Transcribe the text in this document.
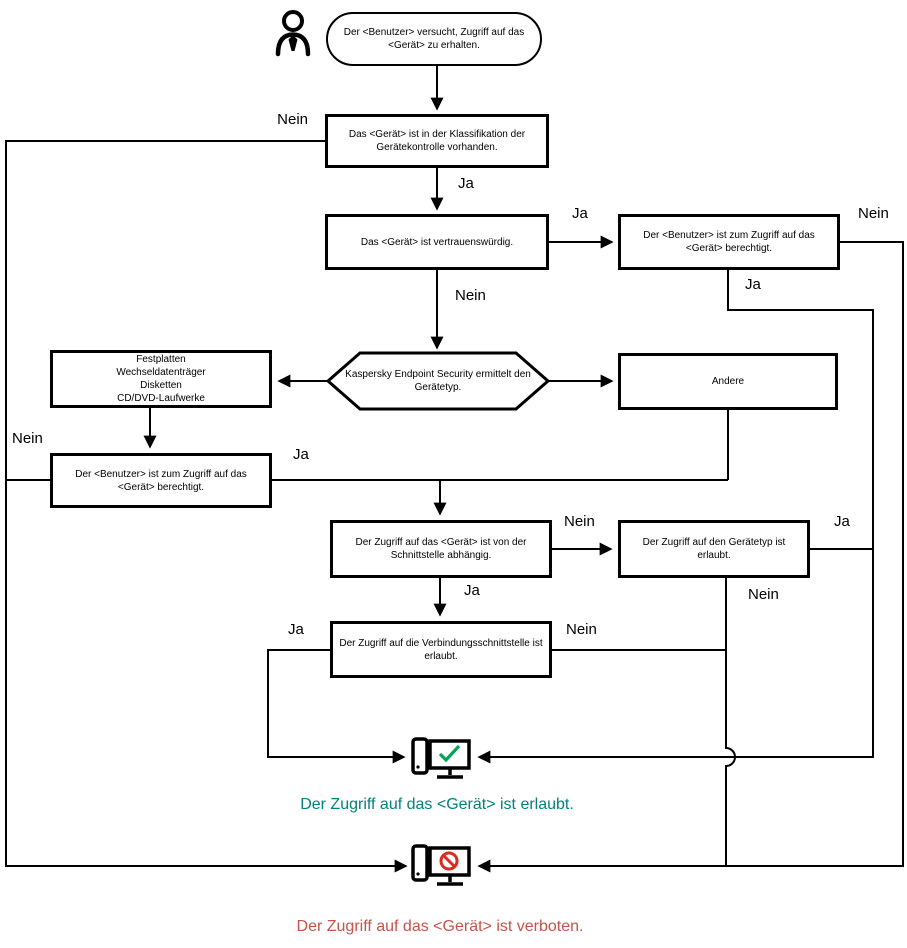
Der <Benutzer> versucht, Zugriff auf das <Gerät> zu erhalten.
Das <Gerät> ist in der Klassifikation der Gerätekontrolle vorhanden.
Das <Gerät> ist vertrauenswürdig.
Der <Benutzer> ist zum Zugriff auf das <Gerät> berechtigt.
Kaspersky Endpoint Security ermittelt den Gerätetyp.
Festplatten
Wechseldatenträger
Disketten
CD/DVD-Laufwerke
Andere
Der <Benutzer> ist zum Zugriff auf das <Gerät> berechtigt.
Der Zugriff auf das <Gerät> ist von der Schnittstelle abhängig.
Der Zugriff auf den Gerätetyp ist erlaubt.
Der Zugriff auf die Verbindungsschnittstelle ist erlaubt.
Nein
Ja
Ja	Nein
Ja
Nein
Nein
Ja
Nein	Ja
Ja	Nein
Ja	Nein
Der Zugriff auf das <Gerät> ist erlaubt.
Der Zugriff auf das <Gerät> ist verboten.
